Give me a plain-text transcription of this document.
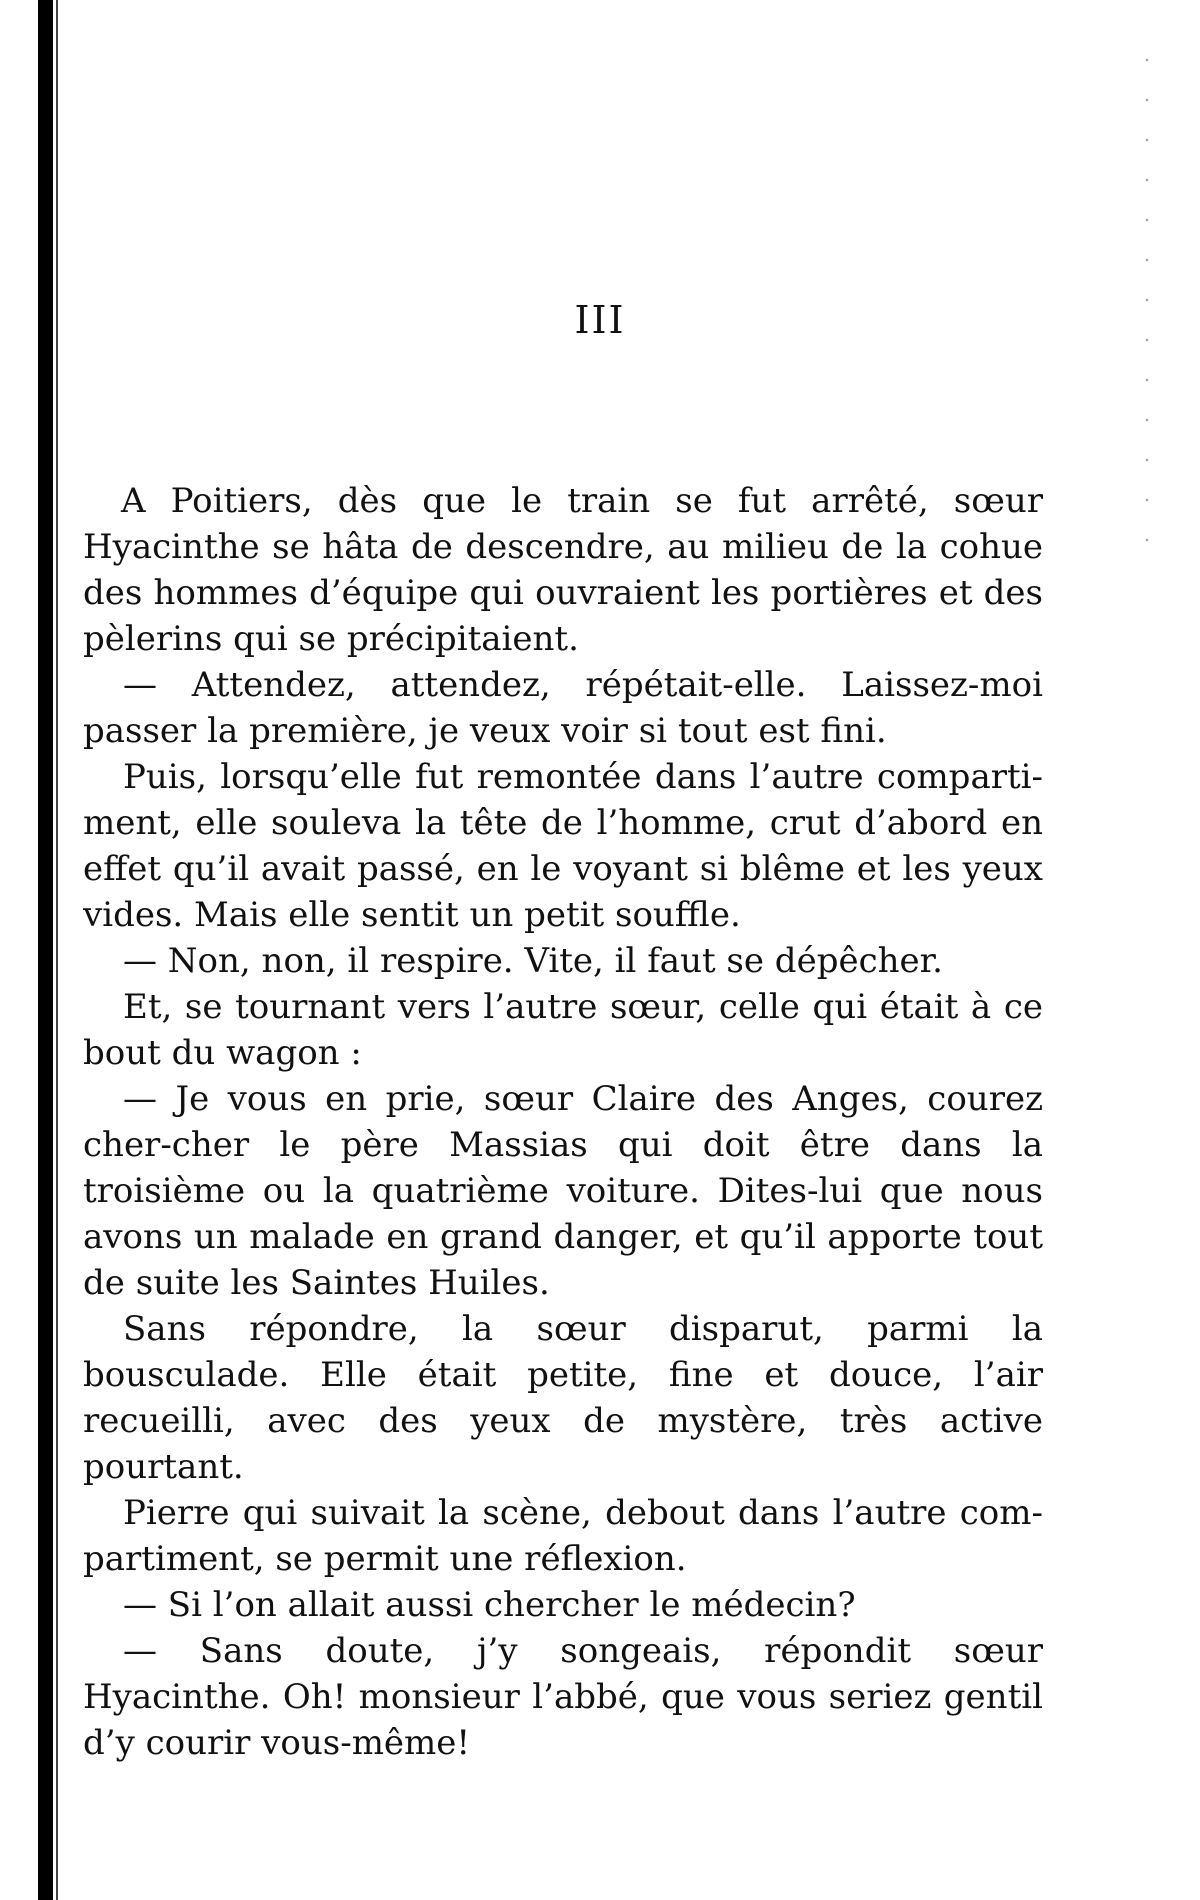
III

A Poitiers, dès que le train se fut arrêté, sœur Hyacinthe se hâta de descendre, au milieu de la cohue des hommes d’équipe qui ouvraient les portières et des pèlerins qui se précipitaient.

— Attendez, attendez, répétait-elle. Laissez-moi passer la première, je veux voir si tout est fini.

Puis, lorsqu’elle fut remontée dans l’autre comparti-ment, elle souleva la tête de l’homme, crut d’abord en effet qu’il avait passé, en le voyant si blême et les yeux vides. Mais elle sentit un petit souffle.

— Non, non, il respire. Vite, il faut se dépêcher.

Et, se tournant vers l’autre sœur, celle qui était à ce bout du wagon :

— Je vous en prie, sœur Claire des Anges, courez cher-cher le père Massias qui doit être dans la troisième ou la quatrième voiture. Dites-lui que nous avons un malade en grand danger, et qu’il apporte tout de suite les Saintes Huiles.

Sans répondre, la sœur disparut, parmi la bousculade. Elle était petite, fine et douce, l’air recueilli, avec des yeux de mystère, très active pourtant.

Pierre qui suivait la scène, debout dans l’autre com-partiment, se permit une réflexion.

— Si l’on allait aussi chercher le médecin?

— Sans doute, j’y songeais, répondit sœur Hyacinthe. Oh! monsieur l’abbé, que vous seriez gentil d’y courir vous-même!
